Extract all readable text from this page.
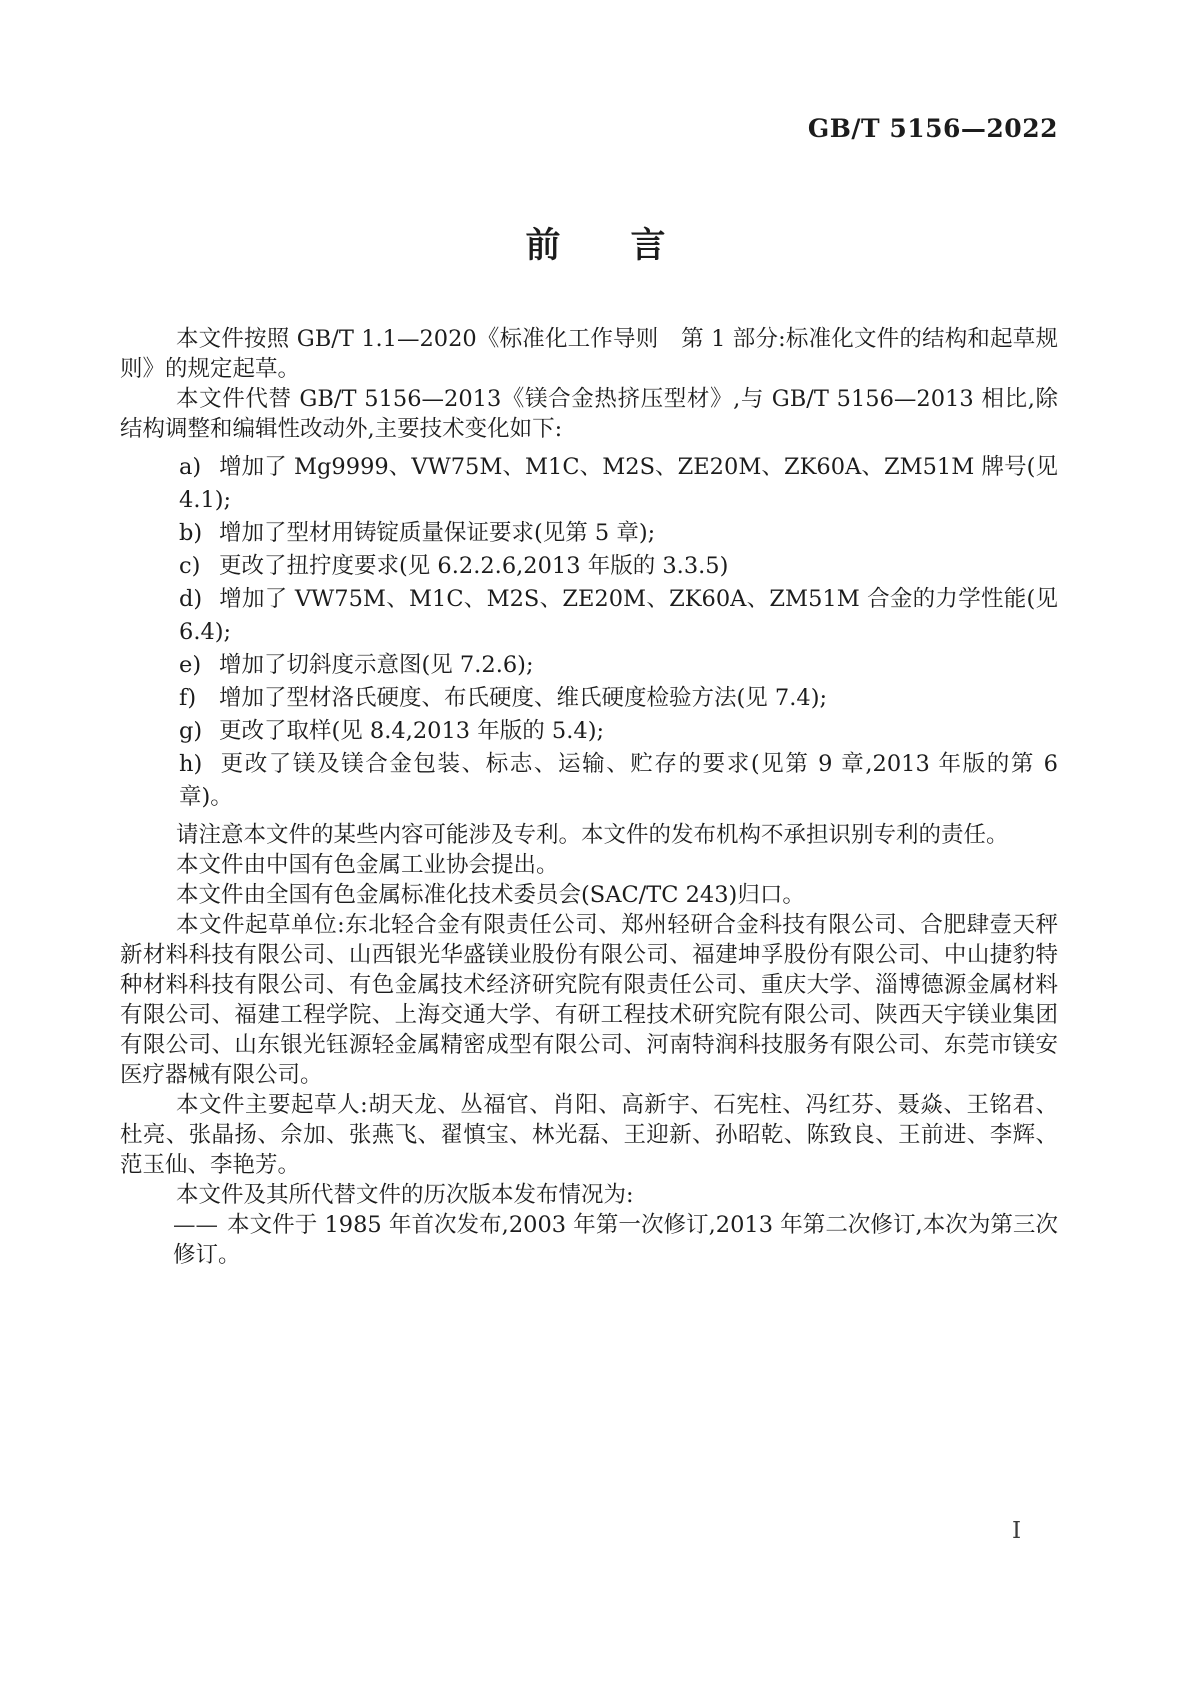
GB/T 5156—2022
前　　言

本文件按照 GB/T 1.1—2020《标准化工作导则　第 1 部分:标准化文件的结构和起草规则》的规定起草。

本文件代替 GB/T 5156—2013《镁合金热挤压型材》,与 GB/T 5156—2013 相比,除结构调整和编辑性改动外,主要技术变化如下:

a) 增加了 Mg9999、VW75M、M1C、M2S、ZE20M、ZK60A、ZM51M 牌号(见 4.1);
b) 增加了型材用铸锭质量保证要求(见第 5 章);
c) 更改了扭拧度要求(见 6.2.2.6,2013 年版的 3.3.5)
d) 增加了 VW75M、M1C、M2S、ZE20M、ZK60A、ZM51M 合金的力学性能(见 6.4);
e) 增加了切斜度示意图(见 7.2.6);
f) 增加了型材洛氏硬度、布氏硬度、维氏硬度检验方法(见 7.4);
g) 更改了取样(见 8.4,2013 年版的 5.4);
h) 更改了镁及镁合金包装、标志、运输、贮存的要求(见第 9 章,2013 年版的第 6 章)。

请注意本文件的某些内容可能涉及专利。本文件的发布机构不承担识别专利的责任。

本文件由中国有色金属工业协会提出。

本文件由全国有色金属标准化技术委员会(SAC/TC 243)归口。

本文件起草单位:东北轻合金有限责任公司、郑州轻研合金科技有限公司、合肥肆壹天秤新材料科技有限公司、山西银光华盛镁业股份有限公司、福建坤孚股份有限公司、中山捷豹特种材料科技有限公司、有色金属技术经济研究院有限责任公司、重庆大学、淄博德源金属材料有限公司、福建工程学院、上海交通大学、有研工程技术研究院有限公司、陕西天宇镁业集团有限公司、山东银光钰源轻金属精密成型有限公司、河南特润科技服务有限公司、东莞市镁安医疗器械有限公司。

本文件主要起草人:胡天龙、丛福官、肖阳、高新宇、石宪柱、冯红芬、聂焱、王铭君、杜亮、张晶扬、佘加、张燕飞、翟慎宝、林光磊、王迎新、孙昭乾、陈致良、王前进、李辉、范玉仙、李艳芳。

本文件及其所代替文件的历次版本发布情况为:

—— 本文件于 1985 年首次发布,2003 年第一次修订,2013 年第二次修订,本次为第三次修订。
I
